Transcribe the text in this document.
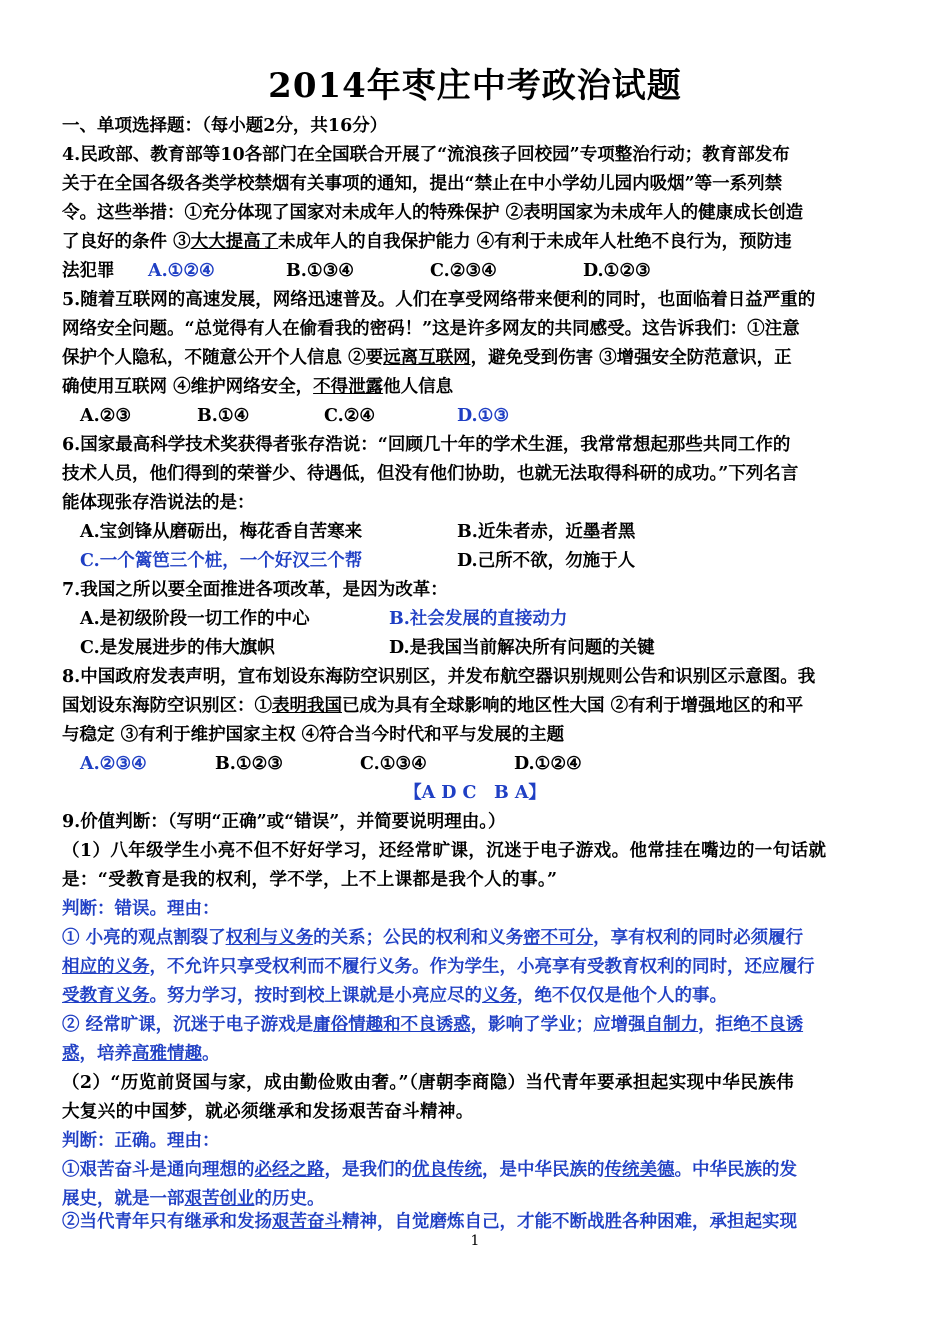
2014年枣庄中考政治试题
一、单项选择题：（每小题2分，共16分）
4.民政部、教育部等10各部门在全国联合开展了“流浪孩子回校园”专项整治行动；教育部发布
关于在全国各级各类学校禁烟有关事项的通知，提出“禁止在中小学幼儿园内吸烟”等一系列禁
令。这些举措：①充分体现了国家对未成年人的特殊保护 ②表明国家为未成年人的健康成长创造
了良好的条件 ③大大提高了未成年人的自我保护能力 ④有利于未成年人杜绝不良行为，预防违
法犯罪 A.①②④	B.①③④	C.②③④	D.①②③
5.随着互联网的高速发展，网络迅速普及。人们在享受网络带来便利的同时，也面临着日益严重的
网络安全问题。“总觉得有人在偷看我的密码！”这是许多网友的共同感受。这告诉我们：①注意
保护个人隐私，不随意公开个人信息 ②要远离互联网，避免受到伤害 ③增强安全防范意识，正
确使用互联网 ④维护网络安全，不得泄露他人信息
A.②③	B.①④	C.②④	D.①③
6.国家最高科学技术奖获得者张存浩说：“回顾几十年的学术生涯，我常常想起那些共同工作的
技术人员，他们得到的荣誉少、待遇低，但没有他们协助，也就无法取得科研的成功。”下列名言
能体现张存浩说法的是：
A.宝剑锋从磨砺出，梅花香自苦寒来	B.近朱者赤，近墨者黑
C.一个篱笆三个桩，一个好汉三个帮	D.己所不欲，勿施于人
7.我国之所以要全面推进各项改革，是因为改革：
A.是初级阶段一切工作的中心	B.社会发展的直接动力
C.是发展进步的伟大旗帜	D.是我国当前解决所有问题的关键
8.中国政府发表声明，宣布划设东海防空识别区，并发布航空器识别规则公告和识别区示意图。我
国划设东海防空识别区：①表明我国已成为具有全球影响的地区性大国 ②有利于增强地区的和平
与稳定 ③有利于维护国家主权 ④符合当今时代和平与发展的主题
A.②③④	B.①②③	C.①③④	D.①②④
【A D C　B A】
9.价值判断：（写明“正确”或“错误”，并简要说明理由。）
（1）八年级学生小亮不但不好好学习，还经常旷课，沉迷于电子游戏。他常挂在嘴边的一句话就
是：“受教育是我的权利，学不学，上不上课都是我个人的事。”
判断：错误。理由：
① 小亮的观点割裂了权利与义务的关系；公民的权利和义务密不可分，享有权利的同时必须履行
相应的义务，不允许只享受权利而不履行义务。作为学生，小亮享有受教育权利的同时，还应履行
受教育义务。努力学习，按时到校上课就是小亮应尽的义务，绝不仅仅是他个人的事。
② 经常旷课，沉迷于电子游戏是庸俗情趣和不良诱惑，影响了学业；应增强自制力，拒绝不良诱
惑，培养高雅情趣。
（2）“历览前贤国与家，成由勤俭败由奢。”（唐朝李商隐）当代青年要承担起实现中华民族伟
大复兴的中国梦，就必须继承和发扬艰苦奋斗精神。
判断：正确。理由：
①艰苦奋斗是通向理想的必经之路，是我们的优良传统，是中华民族的传统美德。中华民族的发
展史，就是一部艰苦创业的历史。
②当代青年只有继承和发扬艰苦奋斗精神，自觉磨炼自己，才能不断战胜各种困难，承担起实现
1
